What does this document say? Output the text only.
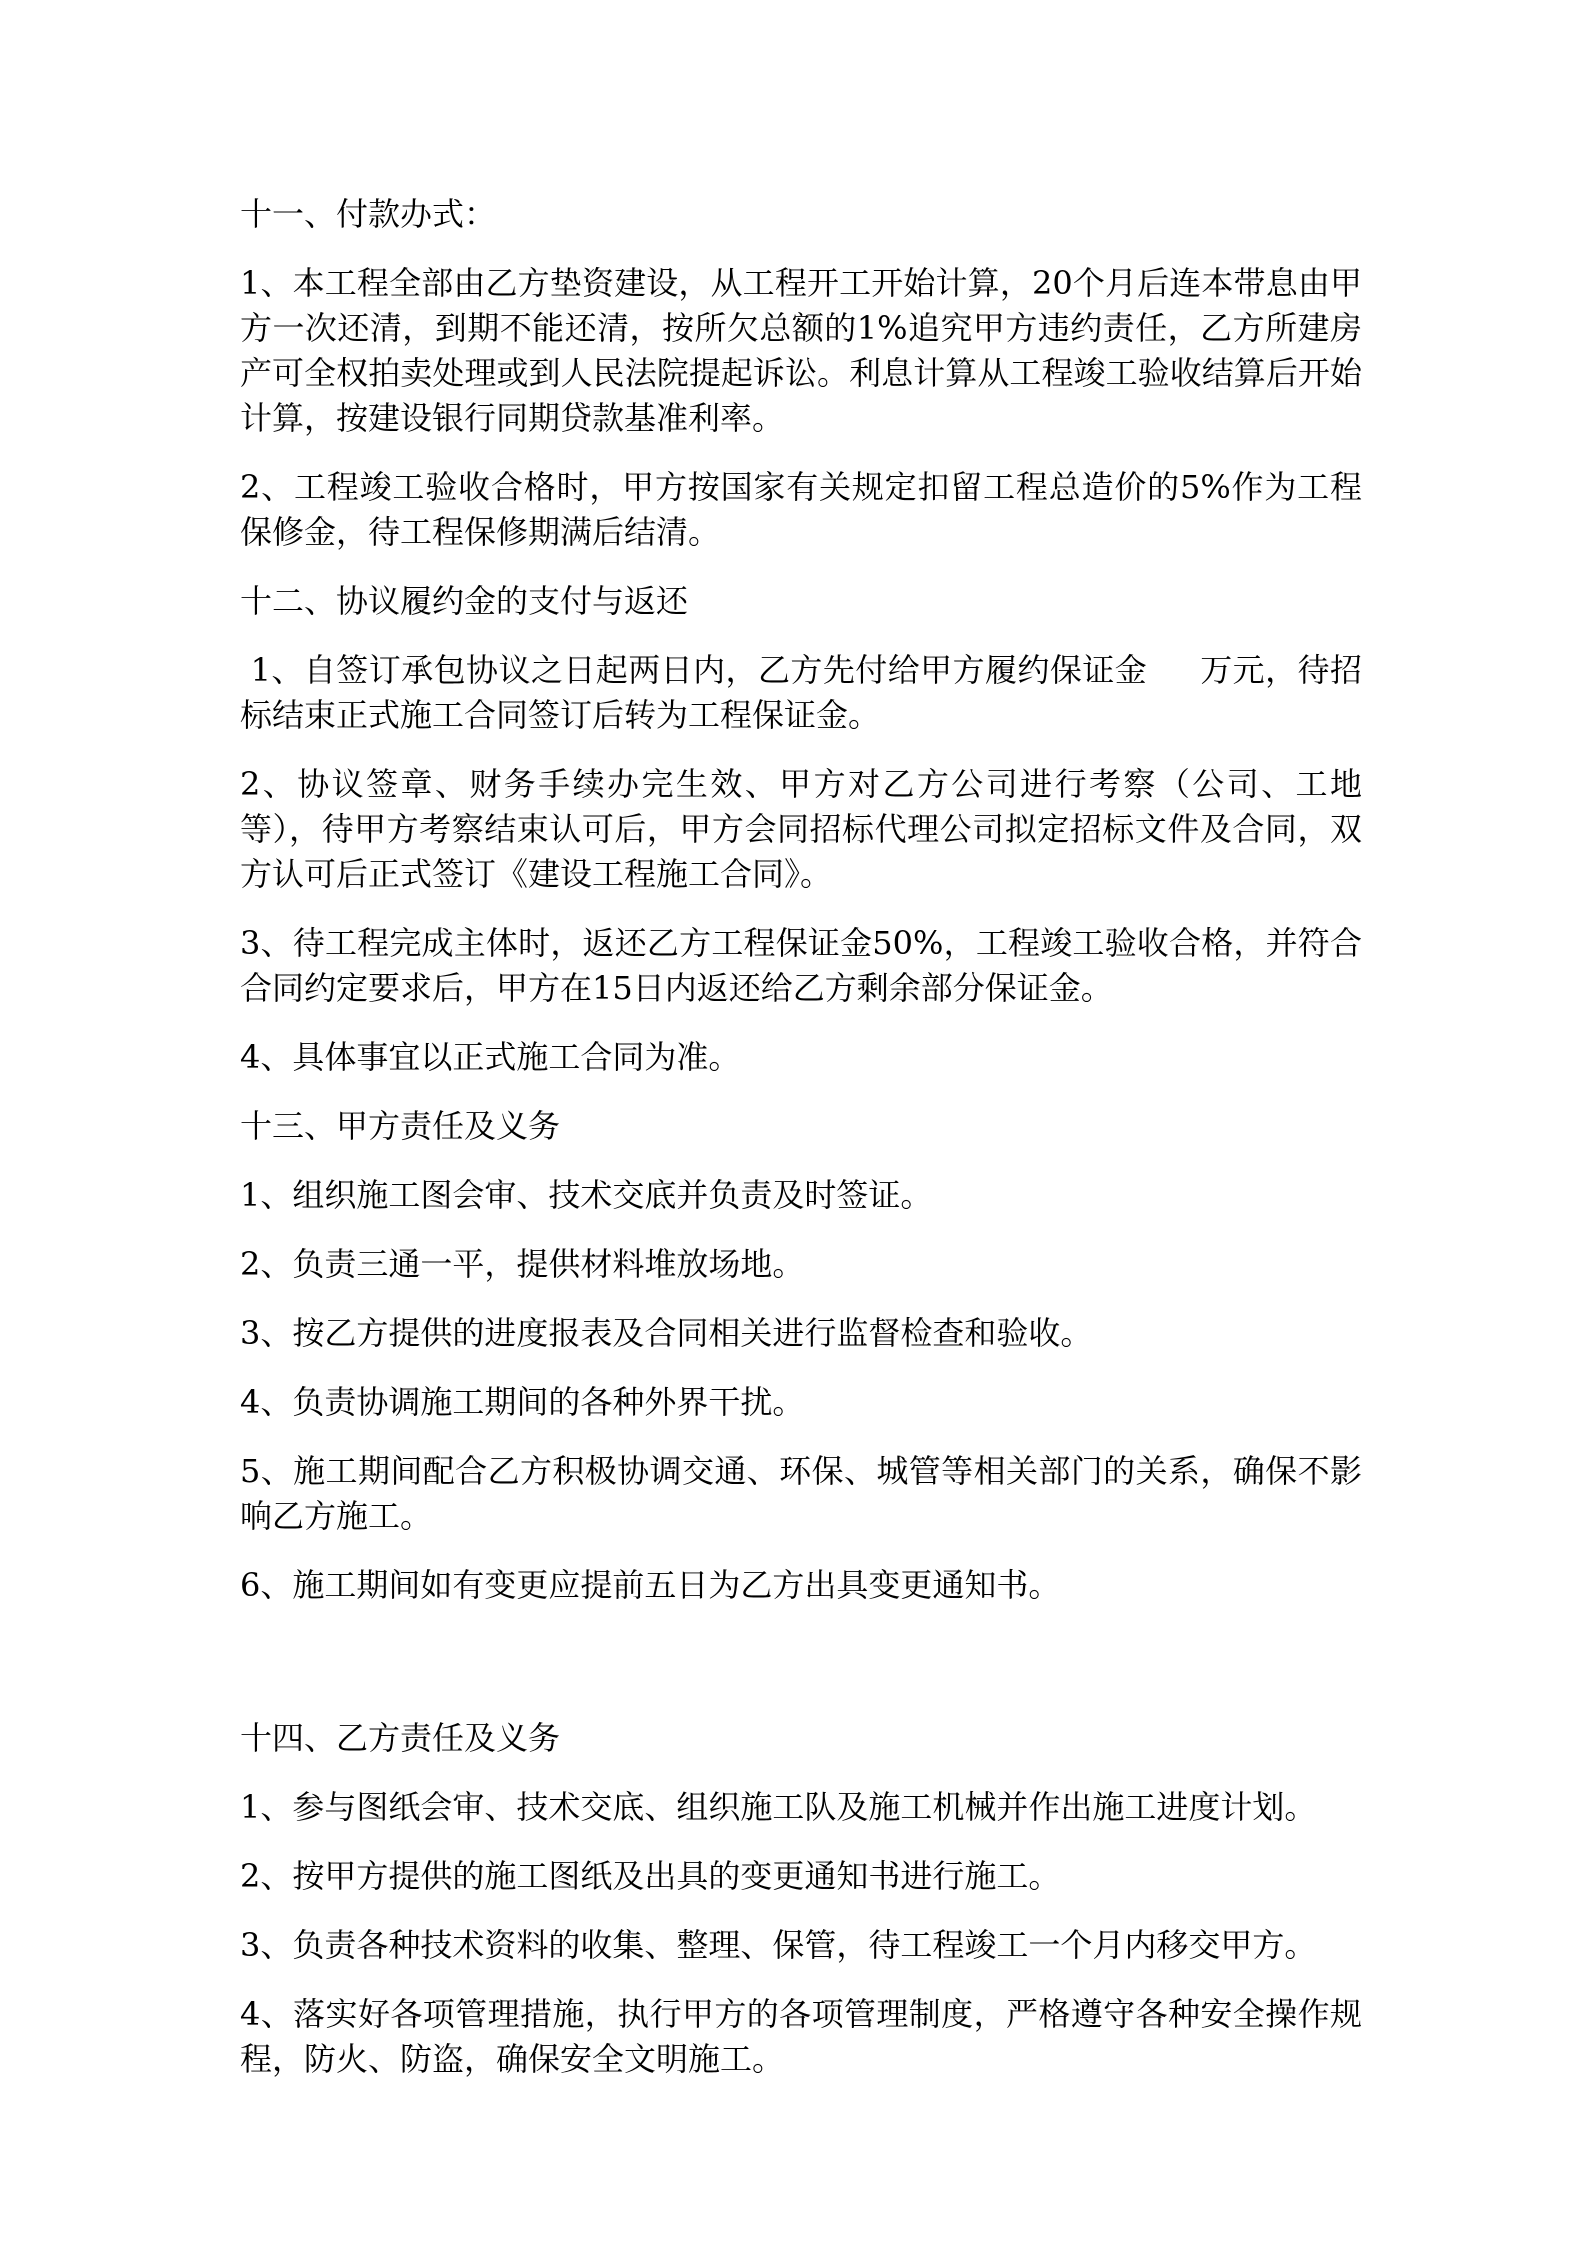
十一、付款办式：

1、本工程全部由乙方垫资建设，从工程开工开始计算，20个月后连本带息由甲方一次还清，到期不能还清，按所欠总额的1%追究甲方违约责任，乙方所建房产可全权拍卖处理或到人民法院提起诉讼。利息计算从工程竣工验收结算后开始计算，按建设银行同期贷款基准利率。

2、工程竣工验收合格时，甲方按国家有关规定扣留工程总造价的5%作为工程保修金，待工程保修期满后结清。

十二、协议履约金的支付与返还

1、自签订承包协议之日起两日内，乙方先付给甲方履约保证金     万元，待招标结束正式施工合同签订后转为工程保证金。

2、协议签章、财务手续办完生效、甲方对乙方公司进行考察（公司、工地等），待甲方考察结束认可后，甲方会同招标代理公司拟定招标文件及合同，双方认可后正式签订《建设工程施工合同》。

3、待工程完成主体时，返还乙方工程保证金50%，工程竣工验收合格，并符合合同约定要求后，甲方在15日内返还给乙方剩余部分保证金。

4、具体事宜以正式施工合同为准。

十三、甲方责任及义务

1、组织施工图会审、技术交底并负责及时签证。

2、负责三通一平，提供材料堆放场地。

3、按乙方提供的进度报表及合同相关进行监督检查和验收。

4、负责协调施工期间的各种外界干扰。

5、施工期间配合乙方积极协调交通、环保、城管等相关部门的关系，确保不影响乙方施工。

6、施工期间如有变更应提前五日为乙方出具变更通知书。

十四、乙方责任及义务

1、参与图纸会审、技术交底、组织施工队及施工机械并作出施工进度计划。

2、按甲方提供的施工图纸及出具的变更通知书进行施工。

3、负责各种技术资料的收集、整理、保管，待工程竣工一个月内移交甲方。

4、落实好各项管理措施，执行甲方的各项管理制度，严格遵守各种安全操作规程，防火、防盗，确保安全文明施工。
